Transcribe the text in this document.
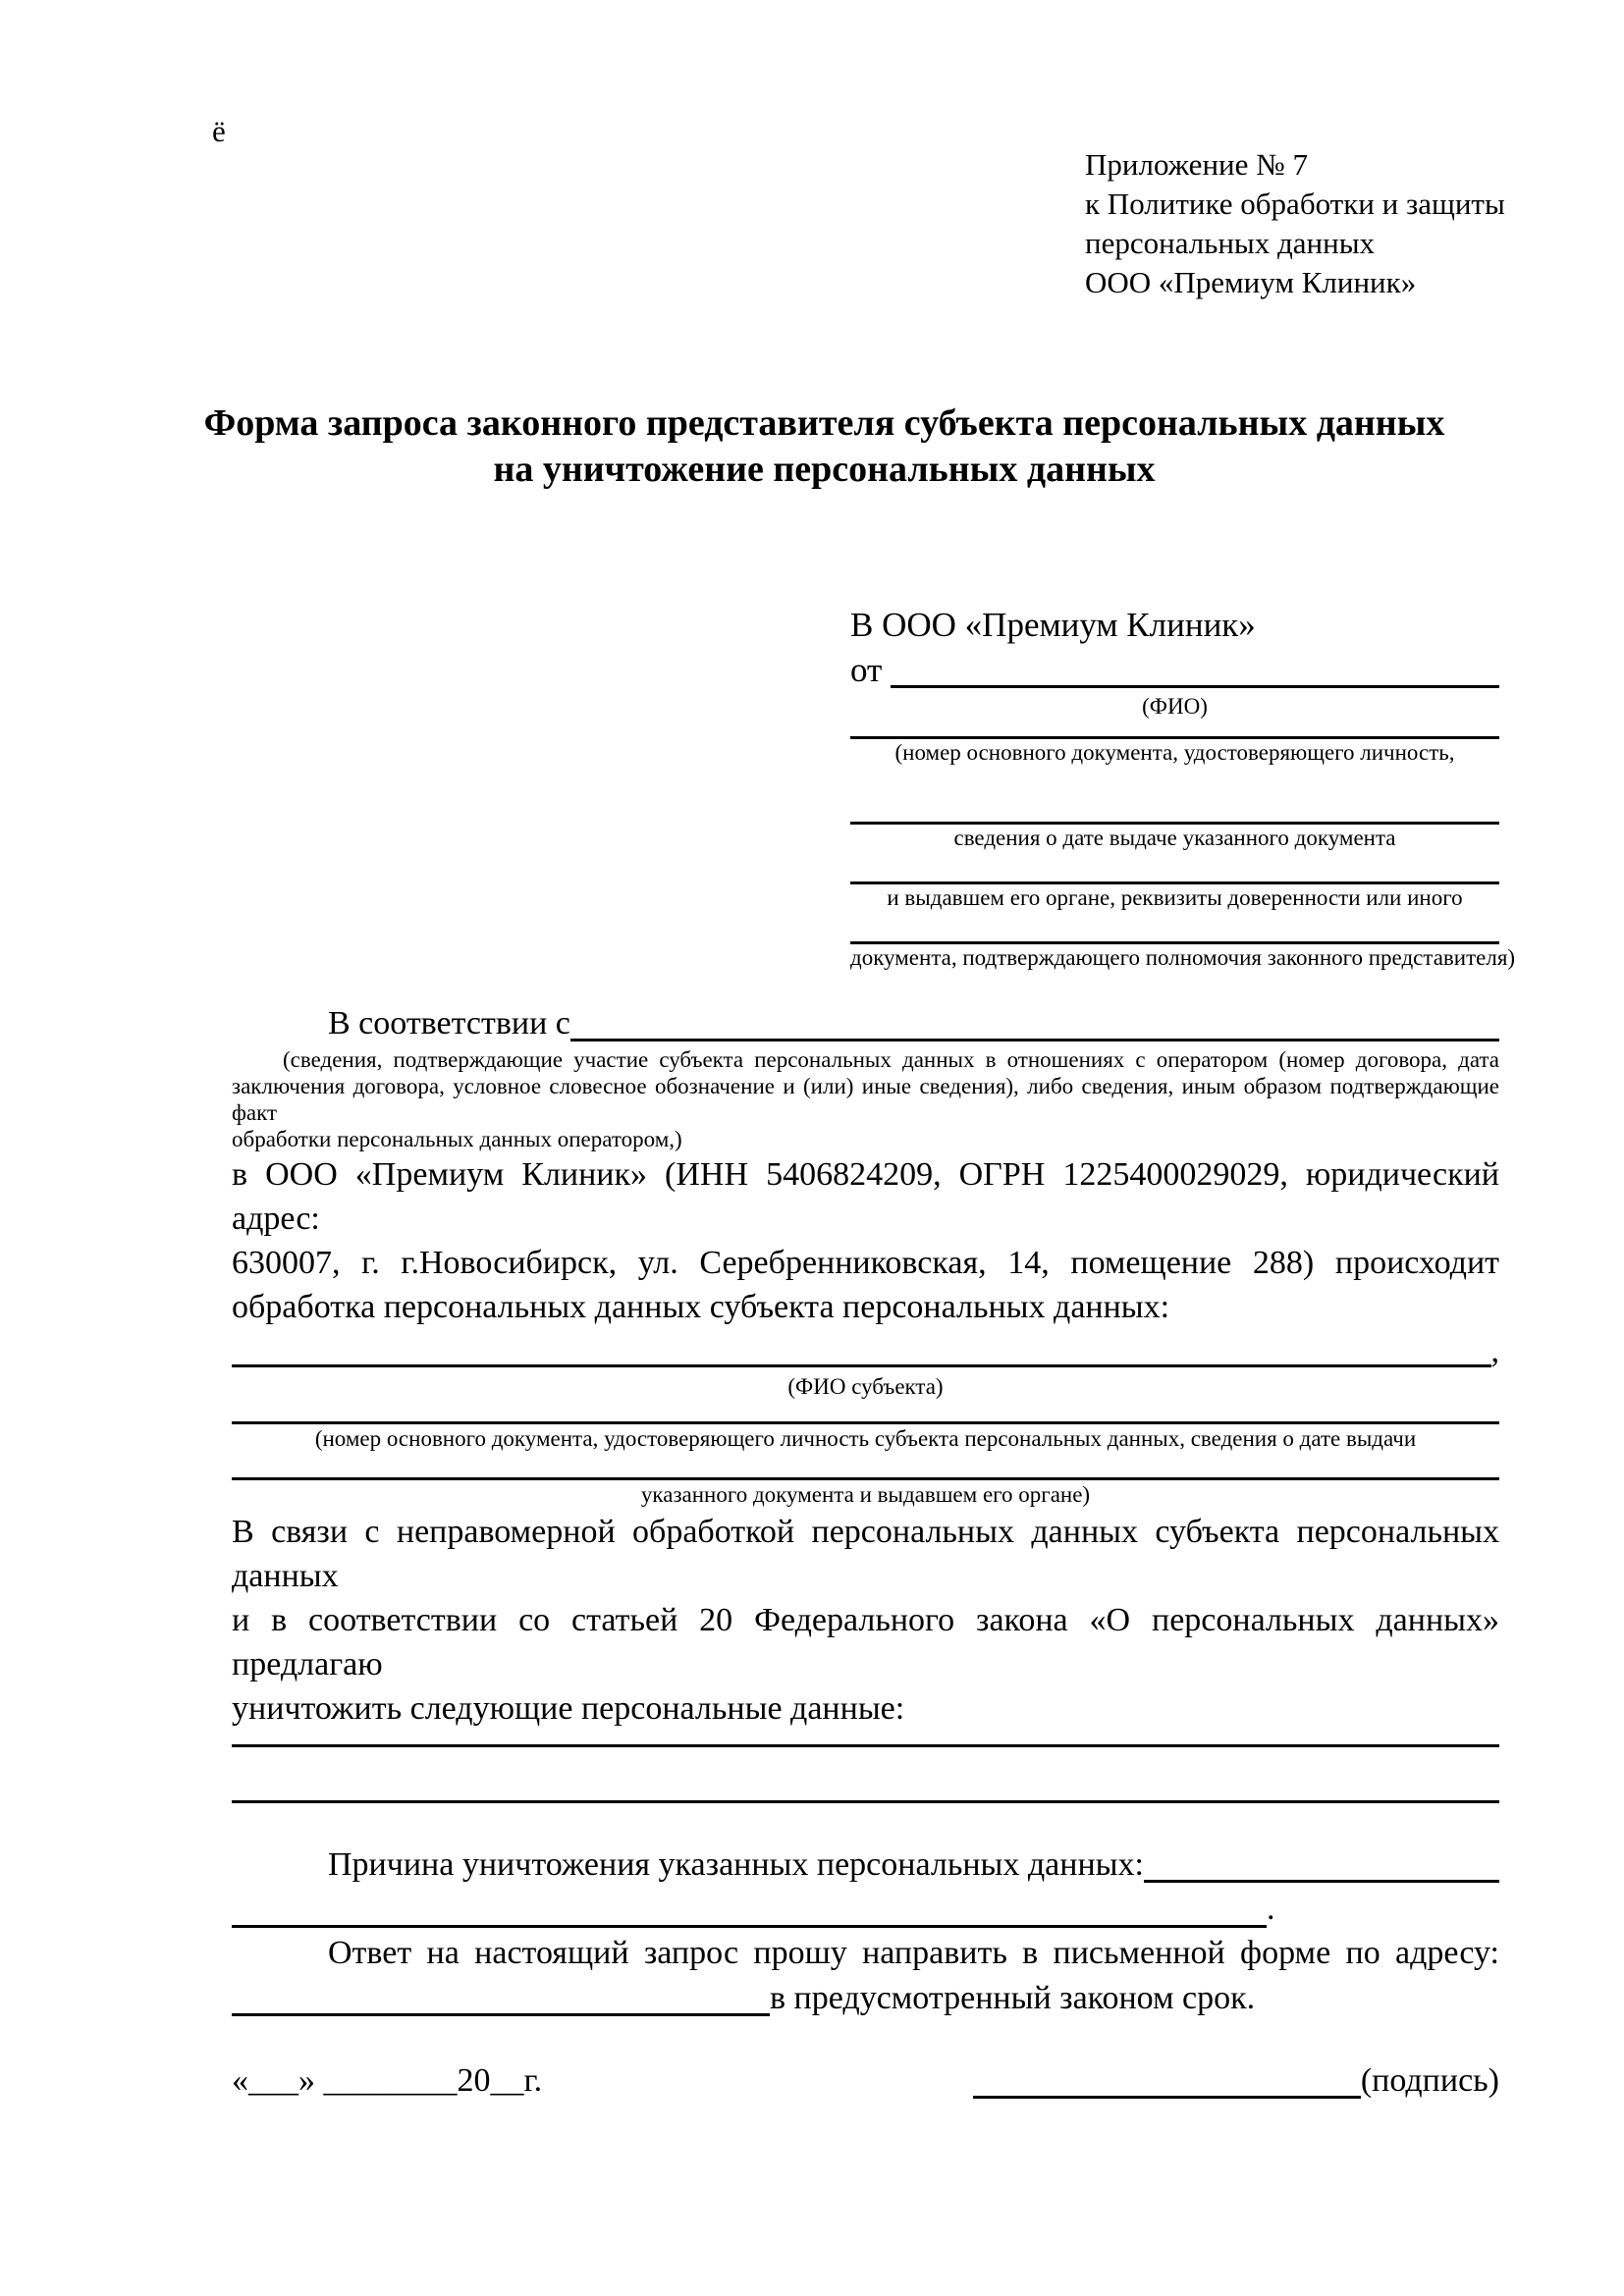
ё
Приложение № 7
к Политике обработки и защиты
персональных данных
ООО «Премиум Клиник»
Форма запроса законного представителя субъекта персональных данных
на уничтожение персональных данных
В ООО «Премиум Клиник»
от
(ФИО)
(номер основного документа, удостоверяющего личность,
сведения о дате выдаче указанного документа
и выдавшем его органе, реквизиты доверенности или иного
документа, подтверждающего полномочия законного представителя)
В соответствии с
(сведения, подтверждающие участие субъекта персональных данных в отношениях с оператором (номер договора, дата
заключения договора, условное словесное обозначение и (или) иные сведения), либо сведения, иным образом подтверждающие факт
обработки персональных данных оператором,)
в ООО «Премиум Клиник» (ИНН 5406824209, ОГРН 1225400029029, юридический адрес:
630007, г. г.Новосибирск, ул. Серебренниковская, 14, помещение 288) происходит
обработка персональных данных субъекта персональных данных:
,
(ФИО субъекта)
(номер основного документа, удостоверяющего личность субъекта персональных данных, сведения о дате выдачи
указанного документа и выдавшем его органе)
В связи с неправомерной обработкой персональных данных субъекта персональных данных
и в соответствии со статьей 20 Федерального закона «О персональных данных» предлагаю
уничтожить следующие персональные данные:
Причина уничтожения указанных персональных данных:
.
Ответ на настоящий запрос прошу направить в письменной форме по адресу:
в предусмотренный законом срок.
«___» ________20__г.	(подпись)
